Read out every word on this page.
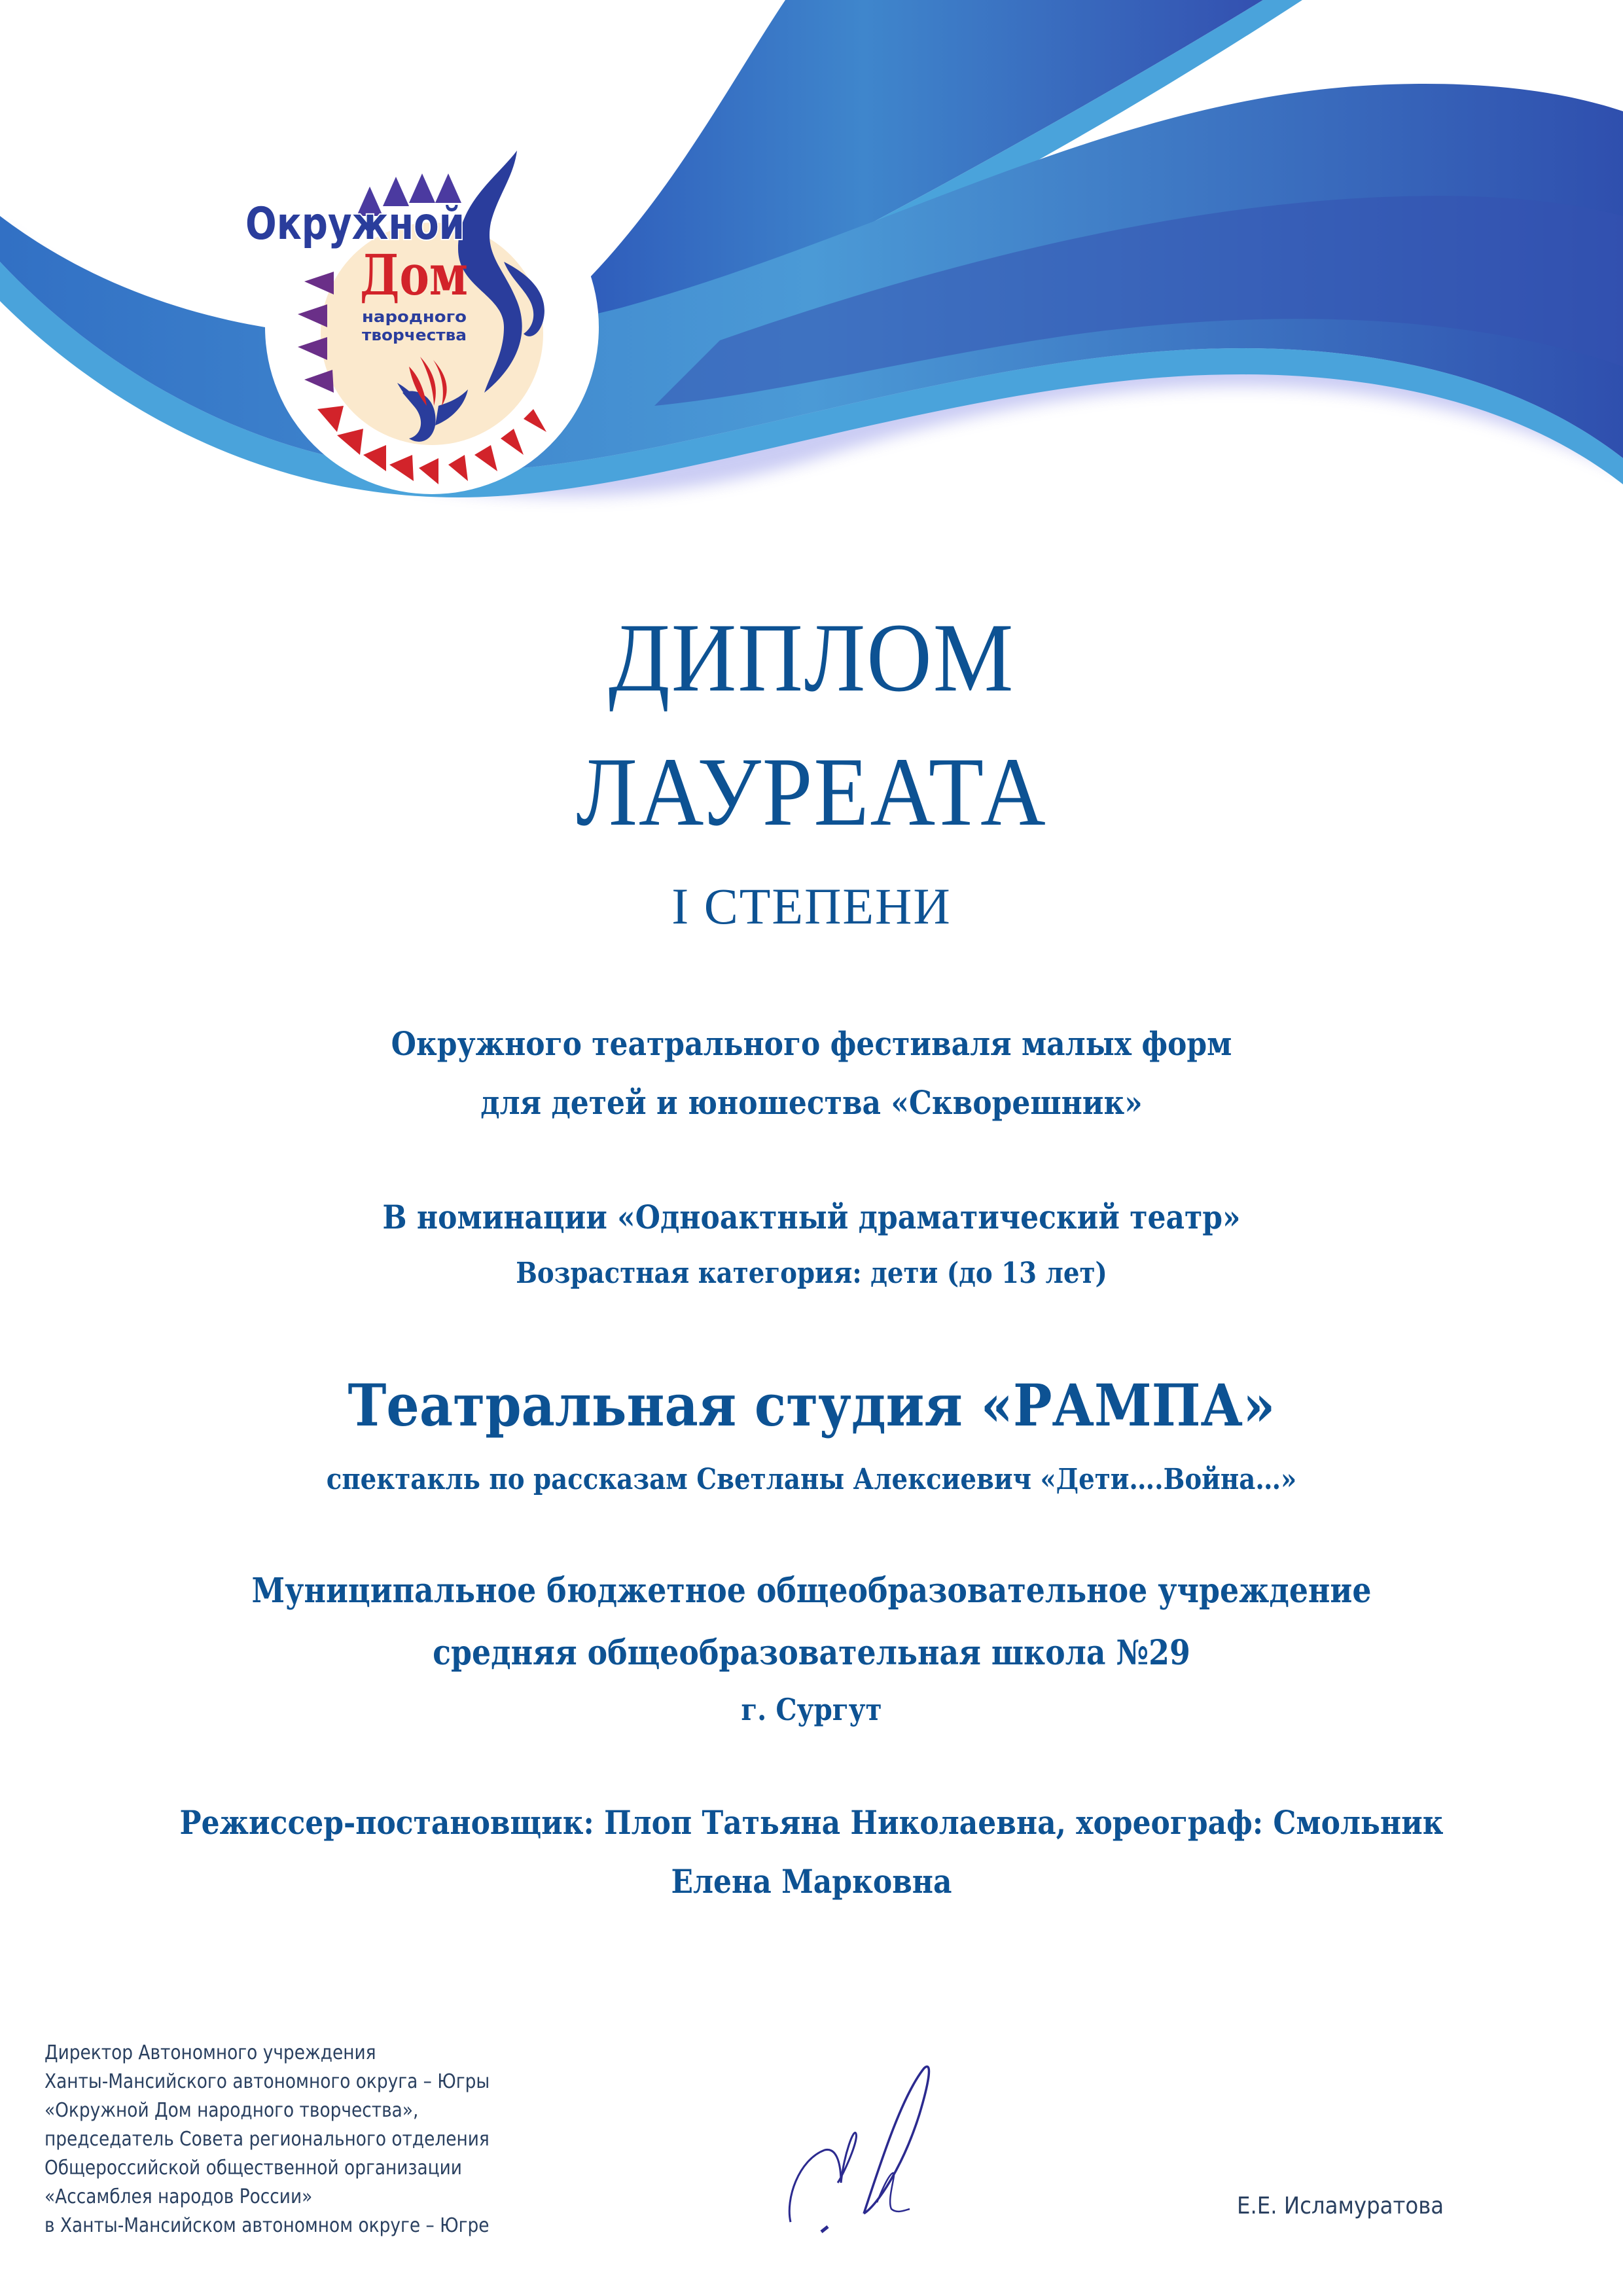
Окружной
Дом
народного
творчества
ДИПЛОМ
ЛАУРЕАТА
I СТЕПЕНИ
Окружного театрального фестиваля малых форм
для детей и юношества «Скворешник»
В номинации «Одноактный драматический театр»
Возрастная категория: дети (до 13 лет)
Театральная студия «РАМПА»
спектакль по рассказам Светланы Алексиевич «Дети….Война…»
Муниципальное бюджетное общеобразовательное учреждение
средняя общеобразовательная школа №29
г. Сургут
Режиссер-постановщик: Плоп Татьяна Николаевна, хореограф: Смольник
Елена Марковна
Директор Автономного учреждения
Ханты-Мансийского автономного округа – Югры
«Окружной Дом народного творчества»,
председатель Совета регионального отделения
Общероссийской общественной организации
«Ассамблея народов России»
в Ханты-Мансийском автономном округе – Югре
Е.Е. Исламуратова
